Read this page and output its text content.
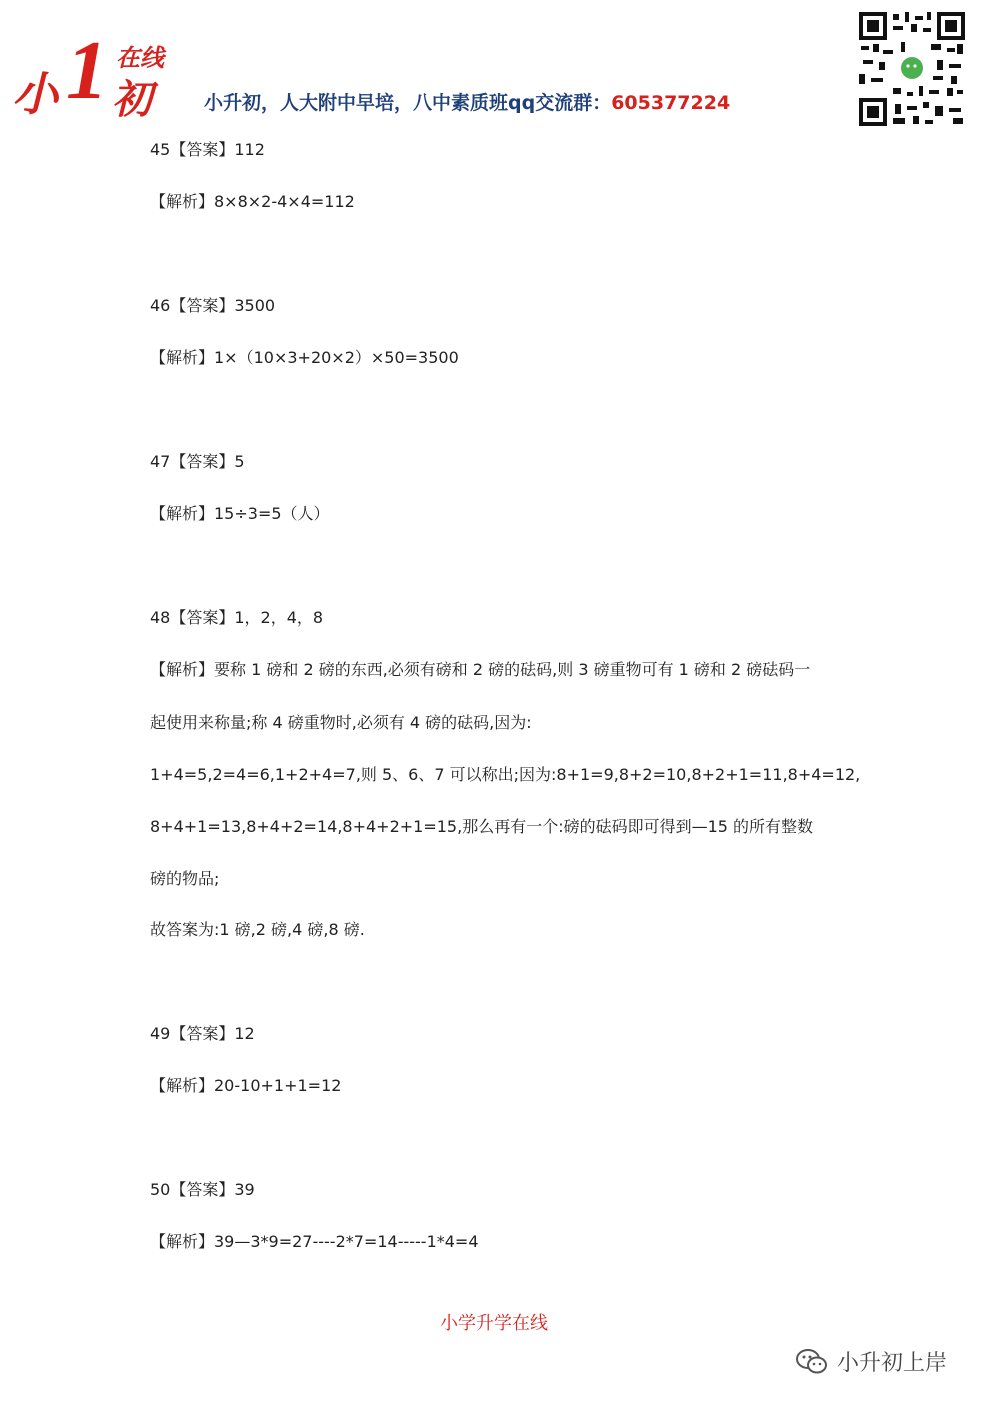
小 1 在线
初	小升初，人大附中早培，八中素质班qq交流群：605377224
45【答案】112
【解析】8×8×2-4×4=112
46【答案】3500
【解析】1×（10×3+20×2）×50=3500
47【答案】5
【解析】15÷3=5（人）
48【答案】1，2，4，8
【解析】要称 1 磅和 2 磅的东西,必须有磅和 2 磅的砝码,则 3 磅重物可有 1 磅和 2 磅砝码一
起使用来称量;称 4 磅重物时,必须有 4 磅的砝码,因为:
1+4=5,2=4=6,1+2+4=7,则 5、6、7 可以称出;因为:8+1=9,8+2=10,8+2+1=11,8+4=12,
8+4+1=13,8+4+2=14,8+4+2+1=15,那么再有一个:磅的砝码即可得到—15 的所有整数
磅的物品;
故答案为:1 磅,2 磅,4 磅,8 磅.
49【答案】12
【解析】20-10+1+1=12
50【答案】39
【解析】39—3*9=27----2*7=14-----1*4=4
小学升学在线
小升初上岸
